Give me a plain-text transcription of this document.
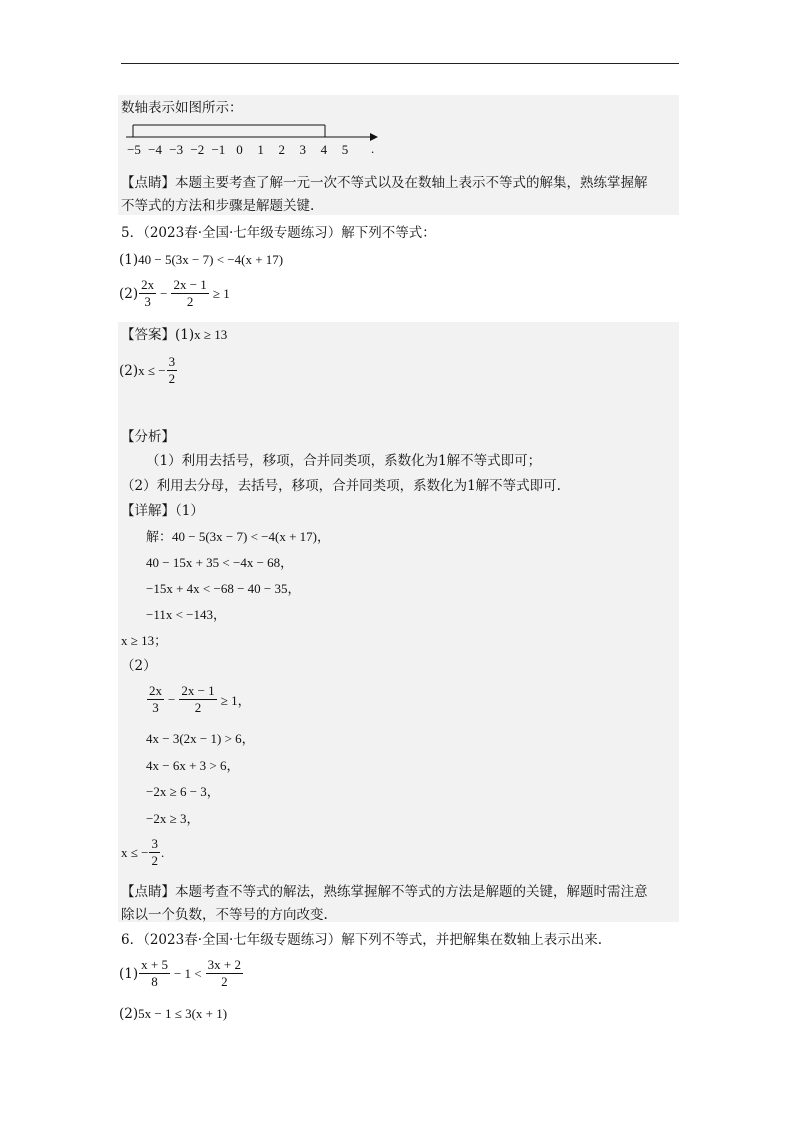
数轴表示如图所示：
−5 −4 −3 −2 −1 0 1 2 3 4 5 .
【点睛】本题主要考查了解一元一次不等式以及在数轴上表示不等式的解集，熟练掌握解
不等式的方法和步骤是解题关键.
5．（2023春·全国·七年级专题练习）解下列不等式：
(1)40 − 5(3x − 7) < −4(x + 17)
$(2) \frac{2x}{3} - \frac{2x - 1}{2} \ge 1$
【答案】(1)x ≥ 13
(2) x ≤ − $\frac{3}{2}$
【分析】
（1）利用去括号，移项，合并同类项，系数化为1解不等式即可；
（2）利用去分母，去括号，移项，合并同类项，系数化为1解不等式即可.
【详解】（1）
解：40 − 5(3x − 7) < −4(x + 17)，
40 − 15x + 35 < −4x − 68，
−15x + 4x < −68 − 40 − 35，
−11x < −143，
x ≥ 13；
（2）
$\frac{2x}{3} - \frac{2x - 1}{2} \ge 1$，
4x − 3(2x − 1) > 6，
4x − 6x + 3 > 6，
−2x ≥ 6 − 3，
−2x ≥ 3，
x ≤ − $\frac{3}{2}$ .
【点睛】本题考查不等式的解法，熟练掌握解不等式的方法是解题的关键，解题时需注意
除以一个负数，不等号的方向改变.
6．（2023春·全国·七年级专题练习）解下列不等式，并把解集在数轴上表示出来.
$(1) \frac{x + 5}{8} - 1 < \frac{3x + 2}{2}$
(2)5x − 1 ≤ 3(x + 1)
